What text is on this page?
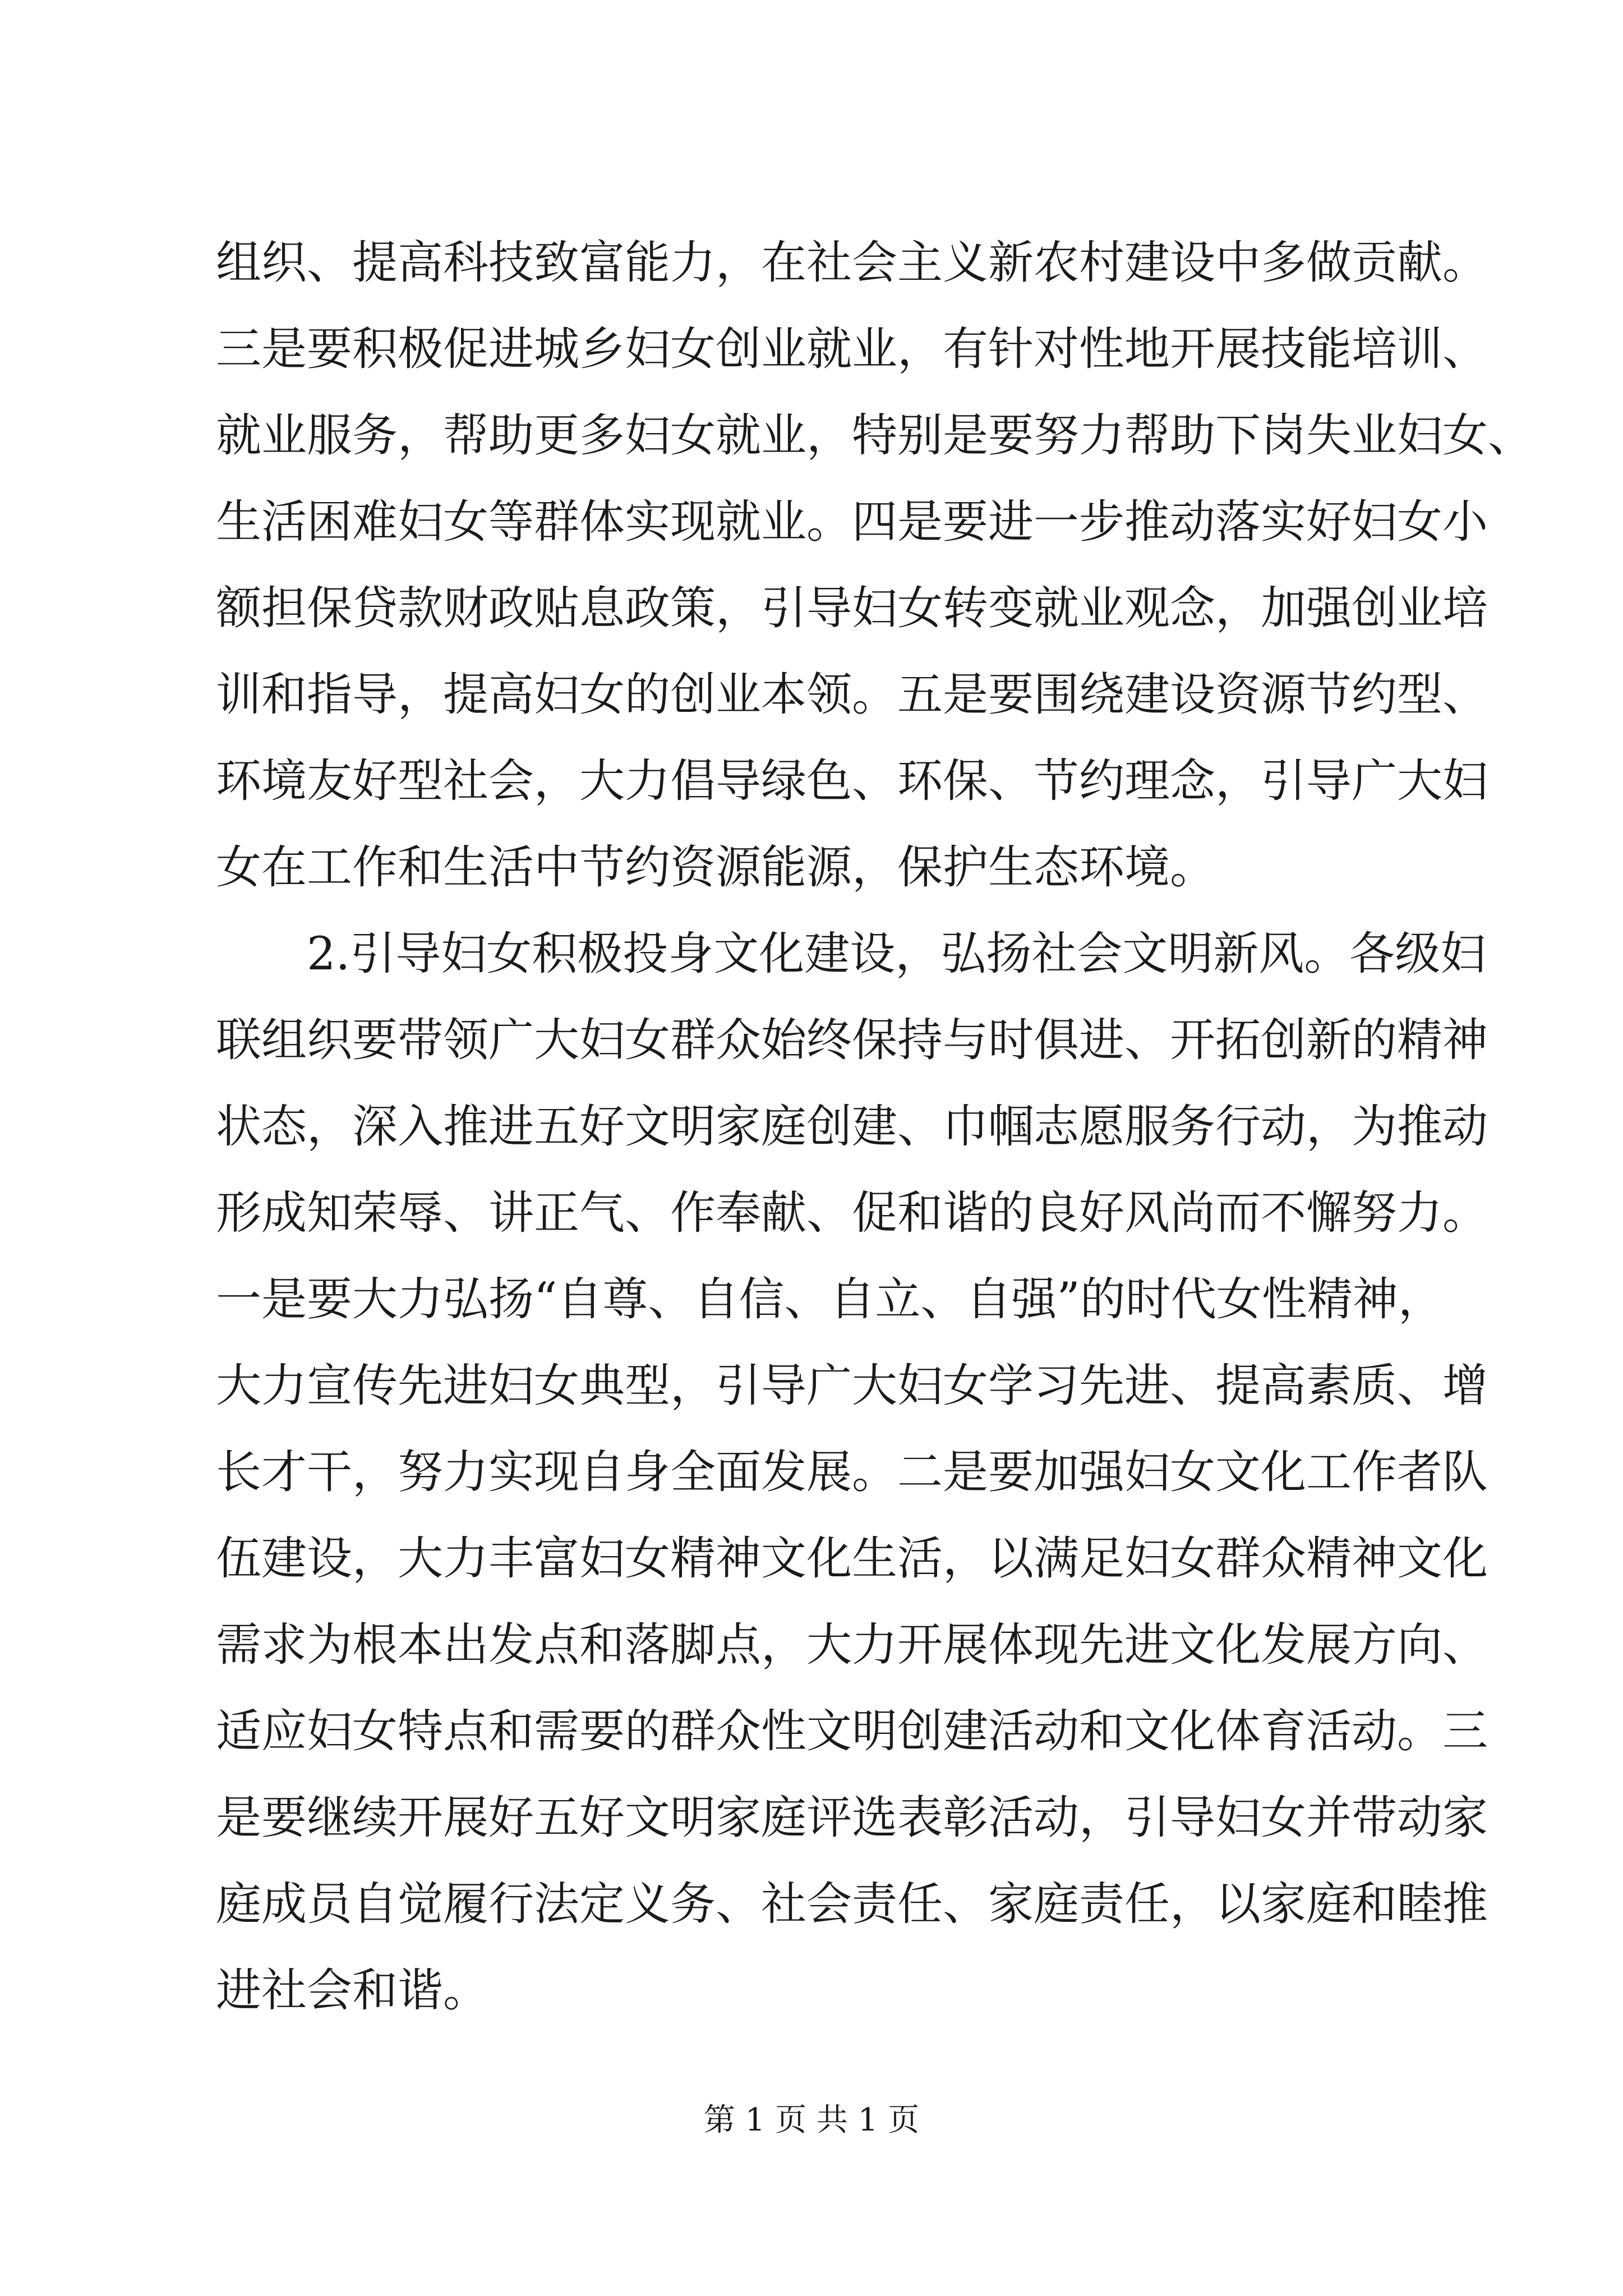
组织、提高科技致富能力，在社会主义新农村建设中多做贡献。
三是要积极促进城乡妇女创业就业，有针对性地开展技能培训、
就业服务，帮助更多妇女就业，特别是要努力帮助下岗失业妇女、
生活困难妇女等群体实现就业。四是要进一步推动落实好妇女小
额担保贷款财政贴息政策，引导妇女转变就业观念，加强创业培
训和指导，提高妇女的创业本领。五是要围绕建设资源节约型、
环境友好型社会，大力倡导绿色、环保、节约理念，引导广大妇
女在工作和生活中节约资源能源，保护生态环境。
2.引导妇女积极投身文化建设，弘扬社会文明新风。各级妇
联组织要带领广大妇女群众始终保持与时俱进、开拓创新的精神
状态，深入推进五好文明家庭创建、巾帼志愿服务行动，为推动
形成知荣辱、讲正气、作奉献、促和谐的良好风尚而不懈努力。
一是要大力弘扬“自尊、自信、自立、自强”的时代女性精神，
大力宣传先进妇女典型，引导广大妇女学习先进、提高素质、增
长才干，努力实现自身全面发展。二是要加强妇女文化工作者队
伍建设，大力丰富妇女精神文化生活，以满足妇女群众精神文化
需求为根本出发点和落脚点，大力开展体现先进文化发展方向、
适应妇女特点和需要的群众性文明创建活动和文化体育活动。三
是要继续开展好五好文明家庭评选表彰活动，引导妇女并带动家
庭成员自觉履行法定义务、社会责任、家庭责任，以家庭和睦推
进社会和谐。
第 1 页 共 1 页
